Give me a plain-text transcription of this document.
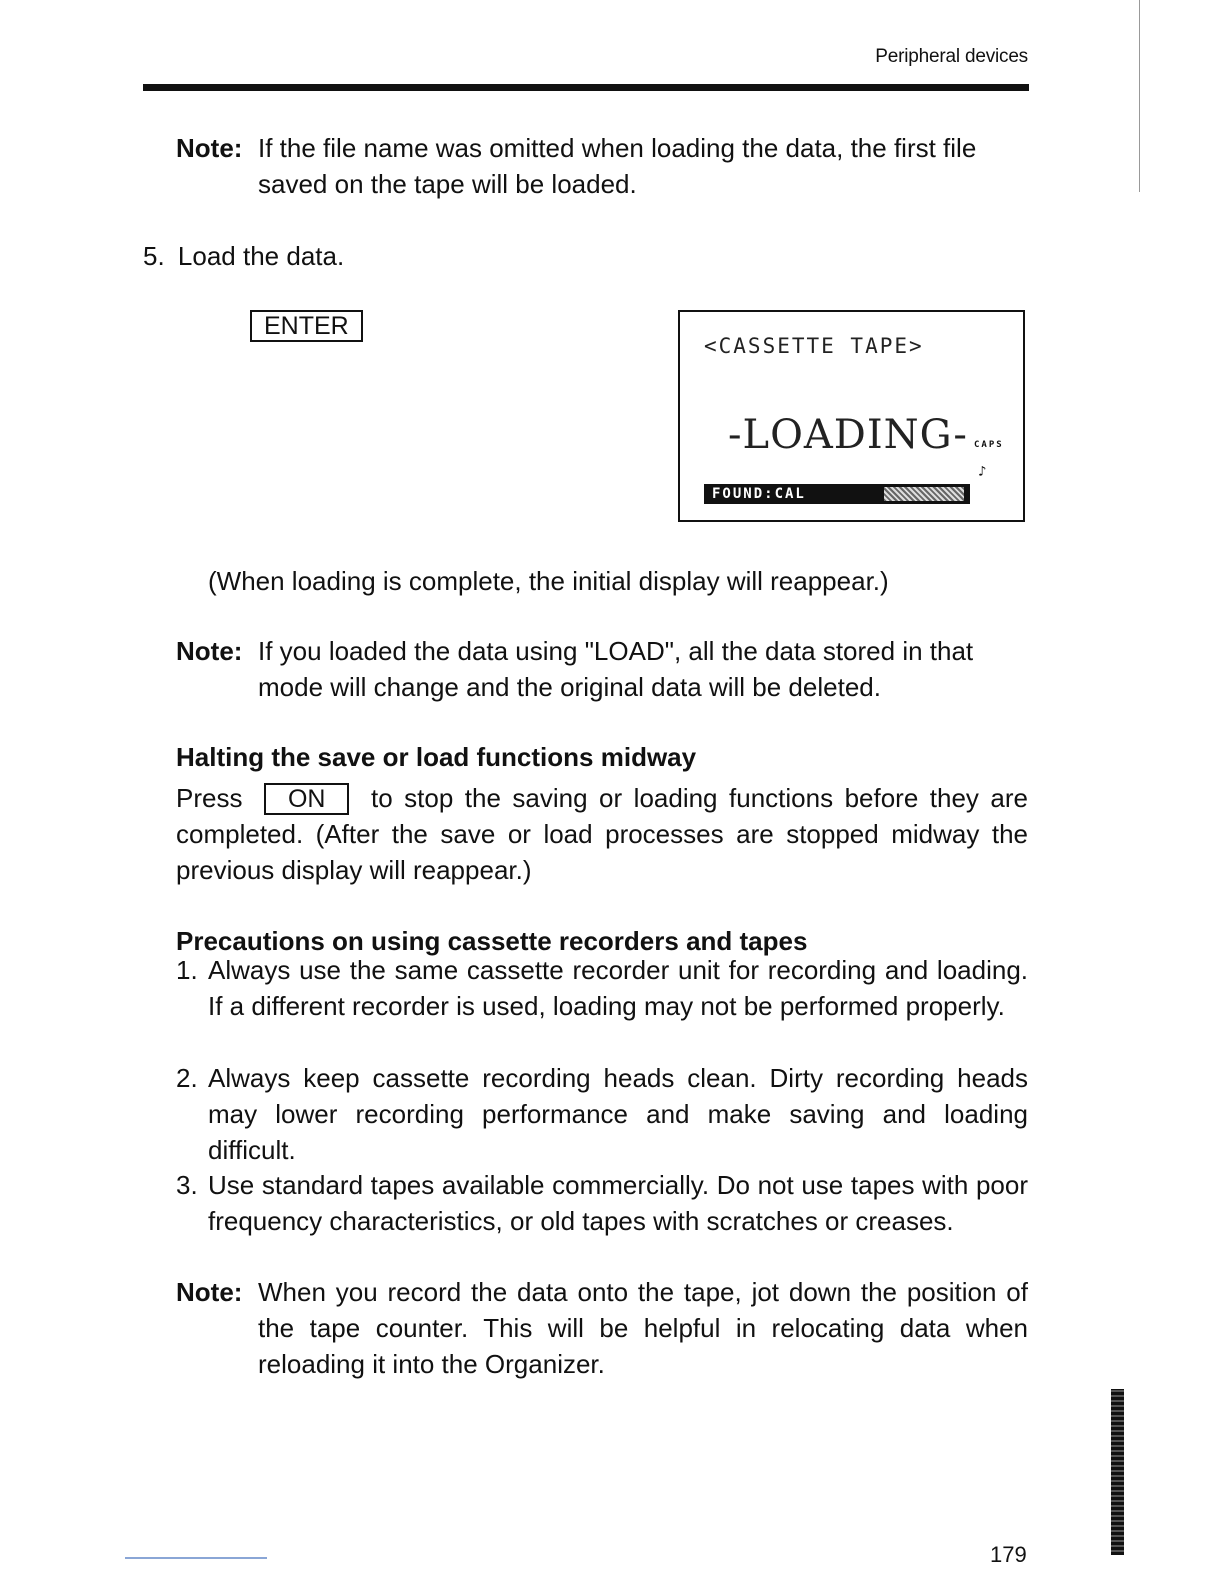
Peripheral devices
Note: If the file name was omitted when loading the data, the first file saved on the tape will be loaded.
5. Load the data.
ENTER
<CASSETTE TAPE>
-LOADING- CAPS
♪
FOUND:CAL
(When loading is complete, the initial display will reappear.)
Note: If you loaded the data using "LOAD", all the data stored in that mode will change and the original data will be deleted.
Halting the save or load functions midway
Press ON to stop the saving or loading functions before they are completed. (After the save or load processes are stopped midway the previous display will reappear.)
Precautions on using cassette recorders and tapes
1. Always use the same cassette recorder unit for recording and loading. If a different recorder is used, loading may not be performed properly.
2. Always keep cassette recording heads clean. Dirty recording heads may lower recording performance and make saving and loading difficult.
3. Use standard tapes available commercially. Do not use tapes with poor frequency characteristics, or old tapes with scratches or creases.
Note: When you record the data onto the tape, jot down the position of the tape counter. This will be helpful in relocating data when reloading it into the Organizer.
179
